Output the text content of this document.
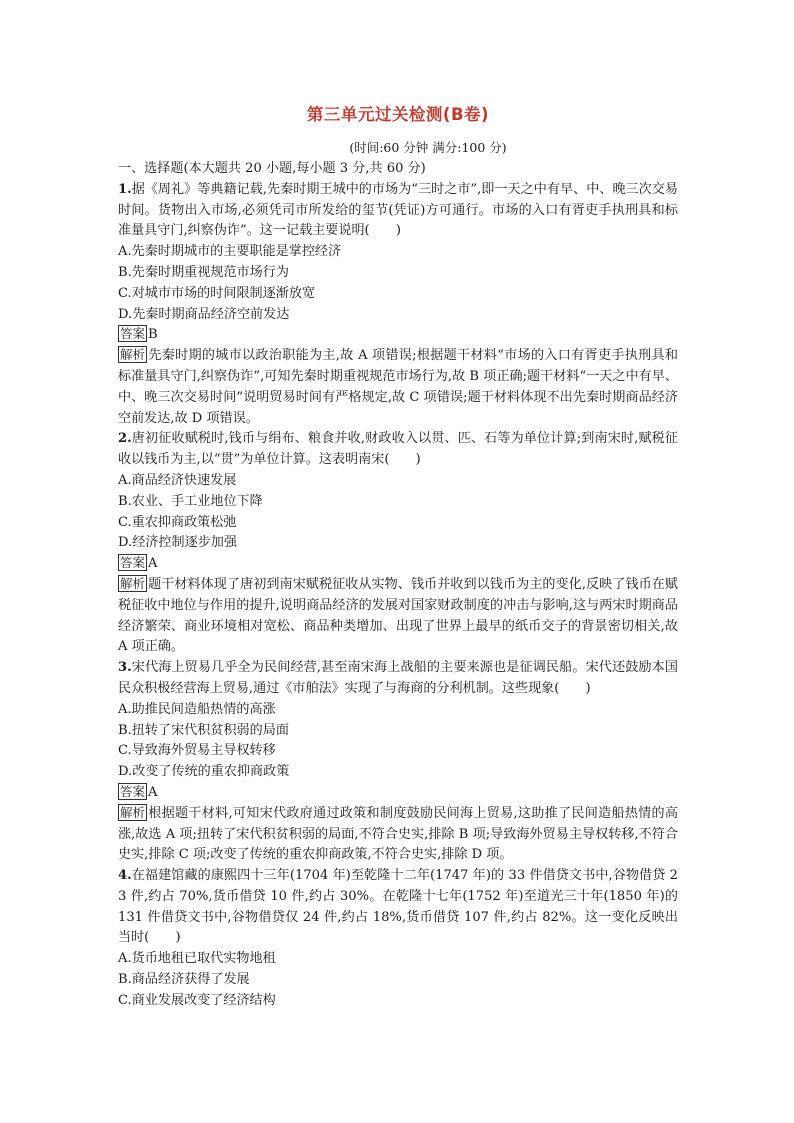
第三单元过关检测(B卷)
(时间:60 分钟 满分:100 分)
一、选择题(本大题共 20 小题,每小题 3 分,共 60 分)
1.据《周礼》等典籍记载,先秦时期王城中的市场为“三时之市”,即一天之中有早、中、晚三次交易时间。货物出入市场,必须凭司市所发给的玺节(凭证)方可通行。市场的入口有胥吏手执刑具和标准量具守门,纠察伪诈”。这一记载主要说明(　　)
A.先秦时期城市的主要职能是掌控经济
B.先秦时期重视规范市场行为
C.对城市市场的时间限制逐渐放宽
D.先秦时期商品经济空前发达
答案 B
解析 先秦时期的城市以政治职能为主,故 A 项错误;根据题干材料“市场的入口有胥吏手执刑具和标准量具守门,纠察伪诈”,可知先秦时期重视规范市场行为,故 B 项正确;题干材料“一天之中有早、中、晚三次交易时间”说明贸易时间有严格规定,故 C 项错误;题干材料体现不出先秦时期商品经济空前发达,故 D 项错误。
2.唐初征收赋税时,钱币与绢布、粮食并收,财政收入以贯、匹、石等为单位计算;到南宋时,赋税征收以钱币为主,以“贯”为单位计算。这表明南宋(　　)
A.商品经济快速发展
B.农业、手工业地位下降
C.重农抑商政策松弛
D.经济控制逐步加强
答案 A
解析 题干材料体现了唐初到南宋赋税征收从实物、钱币并收到以钱币为主的变化,反映了钱币在赋税征收中地位与作用的提升,说明商品经济的发展对国家财政制度的冲击与影响,这与两宋时期商品经济繁荣、商业环境相对宽松、商品种类增加、出现了世界上最早的纸币交子的背景密切相关,故 A 项正确。
3.宋代海上贸易几乎全为民间经营,甚至南宋海上战船的主要来源也是征调民船。宋代还鼓励本国民众积极经营海上贸易,通过《市舶法》实现了与海商的分利机制。这些现象(　　)
A.助推民间造船热情的高涨
B.扭转了宋代积贫积弱的局面
C.导致海外贸易主导权转移
D.改变了传统的重农抑商政策
答案 A
解析 根据题干材料,可知宋代政府通过政策和制度鼓励民间海上贸易,这助推了民间造船热情的高涨,故选 A 项;扭转了宋代积贫积弱的局面,不符合史实,排除 B 项;导致海外贸易主导权转移,不符合史实,排除 C 项;改变了传统的重农抑商政策,不符合史实,排除 D 项。
4.在福建馆藏的康熙四十三年(1704 年)至乾隆十二年(1747 年)的 33 件借贷文书中,谷物借贷 23 件,约占 70%,货币借贷 10 件,约占 30%。在乾隆十七年(1752 年)至道光三十年(1850 年)的 131 件借贷文书中,谷物借贷仅 24 件,约占 18%,货币借贷 107 件,约占 82%。这一变化反映出当时(　　)
A.货币地租已取代实物地租
B.商品经济获得了发展
C.商业发展改变了经济结构
